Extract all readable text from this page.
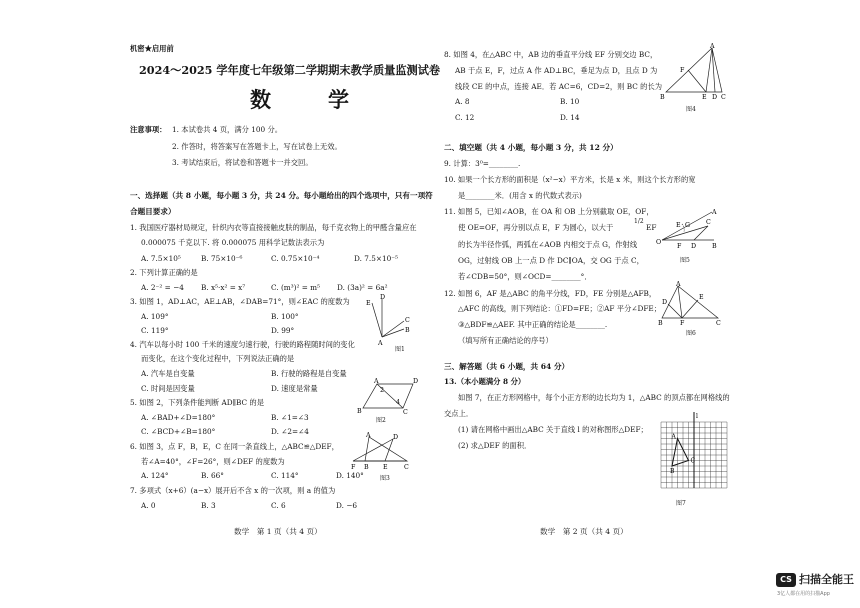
机密★启用前
2024～2025 学年度七年级第二学期期末教学质量监测试卷
数　学
注意事项： 1. 本试卷共 4 页，满分 100 分。
2. 作答时，将答案写在答题卡上，写在试卷上无效。
3. 考试结束后，将试卷和答题卡一并交回。
一、选择题（共 8 小题，每小题 3 分，共 24 分。每小题给出的四个选项中，只有一项符
合题目要求）
1. 我国医疗器材局规定，针织内衣等直接接触皮肤的制品，每千克衣物上的甲醛含量应在
0.000075 千克以下. 将 0.000075 用科学记数法表示为
A. 7.5×10⁵	B. 75×10⁻⁶	C. 0.75×10⁻⁴	D. 7.5×10⁻⁵
2. 下列计算正确的是
A. 2⁻² = −4 B. x⁵·x² = x⁷	C. (m³)² = m⁵ D. (3a)² = 6a²
3. 如图 1，AD⊥AC，AE⊥AB，∠DAB=71°，则∠EAC 的度数为
A. 109°	B. 100°
C. 119°	D. 99°
4. 汽车以每小时 100 千米的速度匀速行驶，行驶的路程随时间的变化
而变化，在这个变化过程中，下列说法正确的是
A. 汽车是自变量	B. 行驶的路程是自变量
C. 时间是因变量	D. 速度是常量
5. 如图 2，下列条件能判断 AD∥BC 的是
A. ∠BAD+∠D=180°	B. ∠1=∠3
C. ∠BCD+∠B=180°	D. ∠2=∠4
6. 如图 3，点 F，B，E，C 在同一条直线上，△ABC≌△DEF，
若∠A=40°，∠F=26°，则∠DEF 的度数为
A. 124°	B. 66°	C. 114°	D. 140°
7. 多项式（x+6）(a−x）展开后不含 x 的一次项，则 a 的值为
A. 0	B. 3	C. 6	D. −6
数学　第 1 页（共 4 页）
E
D
C
B
A
图1
A	D
B	C
2
4
图2
A	D
F B E	C
图3
8. 如图 4，在△ABC 中，AB 边的垂直平分线 EF 分别交边 BC，
AB 于点 E，F，过点 A 作 AD⊥BC，垂足为点 D，且点 D 为
线段 CE 的中点，连接 AE．若 AC=6，CD=2，则 BC 的长为
A. 8	B. 10
C. 12	D. 14
A
F
B	E D C
图4
二、填空题（共 4 小题，每小题 3 分，共 12 分）
9. 计算：3⁰=________.
10. 如果一个长方形的面积是（x²−x）平方米，长是 x 米，则这个长方形的宽
是________米．(用含 x 的代数式表示)
11. 如图 5，已知∠AOB，在 OA 和 OB 上分别截取 OE，OF，
使 OE=OF，再分别以点 E，F 为圆心，以大于
1/2
EF
的长为半径作弧，两弧在∠AOB 内相交于点 G，作射线
OG，过射线 OB 上一点 D 作 DC∥OA，交 OG 于点 C，
若∠CDB=50°，则∠OCD=________°．
A
E G	C
O
F D	B
图5
12. 如图 6，AF 是△ABC 的角平分线，FD，FE 分别是△AFB，
△AFC 的高线，则下列结论：①FD=FE；②AF 平分∠DFE；
③△BDF≌△AEF. 其中正确的结论是________.
（填写所有正确结论的序号）
A
D
E
B	F	C
图6
三、解答题（共 6 小题，共 64 分）
13.（本小题满分 8 分）
如图 7，在正方形网格中，每个小正方形的边长均为 1，△ABC 的顶点都在网格线的
交点上．
(1) 请在网格中画出△ABC 关于直线 l 的对称图形△DEF；
(2) 求△DEF 的面积．
l
A
B
C
图7
数学　第 2 页（共 4 页）
CS 扫描全能王
3亿人都在用的扫描App
